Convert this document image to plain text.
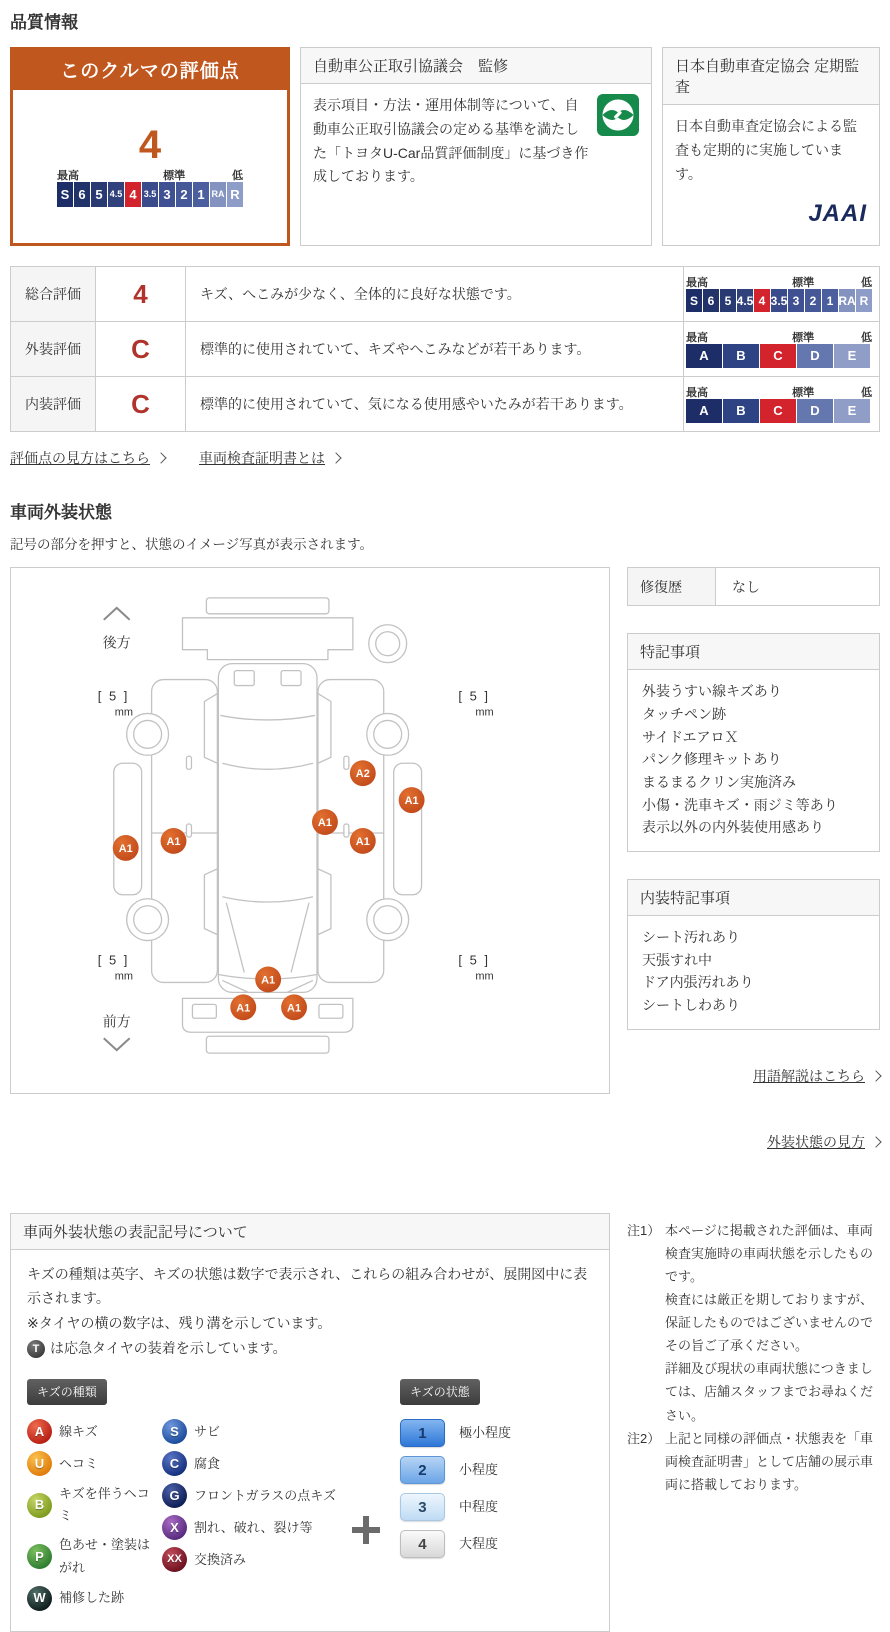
品質情報
このクルマの評価点
4
最高	標準	低
S 6 5 4.5 4 3.5 3 2 1 RA R
自動車公正取引協議会　監修
表示項目・方法・運用体制等について、自動車公正取引協議会の定める基準を満たした「トヨタU-Car品質評価制度」に基づき作成しております。
日本自動車査定協会 定期監査
日本自動車査定協会による監査も定期的に実施しています。
JAAI
総合評価	4	キズ、へこみが少なく、全体的に良好な状態です。	
最高	標準	低
S 6 5 4.5 4 3.5 3 2 1 RA R

外装評価	C	標準的に使用されていて、キズやへこみなどが若干あります。	
最高	標準	低
A	B	C	D	E

内装評価	C	標準的に使用されていて、気になる使用感やいたみが若干あります。	
最高	標準	低
A	B	C	D	E
評価点の見方はこちら	車両検査証明書とは
車両外装状態
記号の部分を押すと、状態のイメージ写真が表示されます。
後方
前方
[ 5 ]
mm
[ 5 ]
mm
[ 5 ]
mm
[ 5 ]
mm
A2
A1
A1
A1
A1
A1
A1
A1	A1
修復歴	なし
特記事項
外装うすい線キズあり
タッチペン跡
サイドエアロＸ
パンク修理キットあり
まるまるクリン実施済み
小傷・洗車キズ・雨ジミ等あり
表示以外の内外装使用感あり
内装特記事項
シート汚れあり
天張すれ中
ドア内張汚れあり
シートしわあり
用語解説はこちら
外装状態の見方
車両外装状態の表記記号について
キズの種類は英字、キズの状態は数字で表示され、これらの組み合わせが、展開図中に表示されます。
※タイヤの横の数字は、残り溝を示しています。
T は応急タイヤの装着を示しています。
キズの種類
A	線キズ
U	ヘコミ
B
キズを伴うヘコミ
P
色あせ・塗装はがれ
W	補修した跡
S	サビ
C	腐食
G	フロントガラスの点キズ
X	割れ、破れ、裂け等
XX 交換済み
キズの状態
1	極小程度
2	小程度
3	中程度
4	大程度
注1） 本ページに掲載された評価は、車両検査実施時の車両状態を示したものです。

検査には厳正を期しておりますが、保証したものではございませんのでその旨ご了承ください。

詳細及び現状の車両状態につきましては、店舗スタッフまでお尋ねください。

注2） 上記と同様の評価点・状態表を「車両検査証明書」として店舗の展示車両に搭載しております。
